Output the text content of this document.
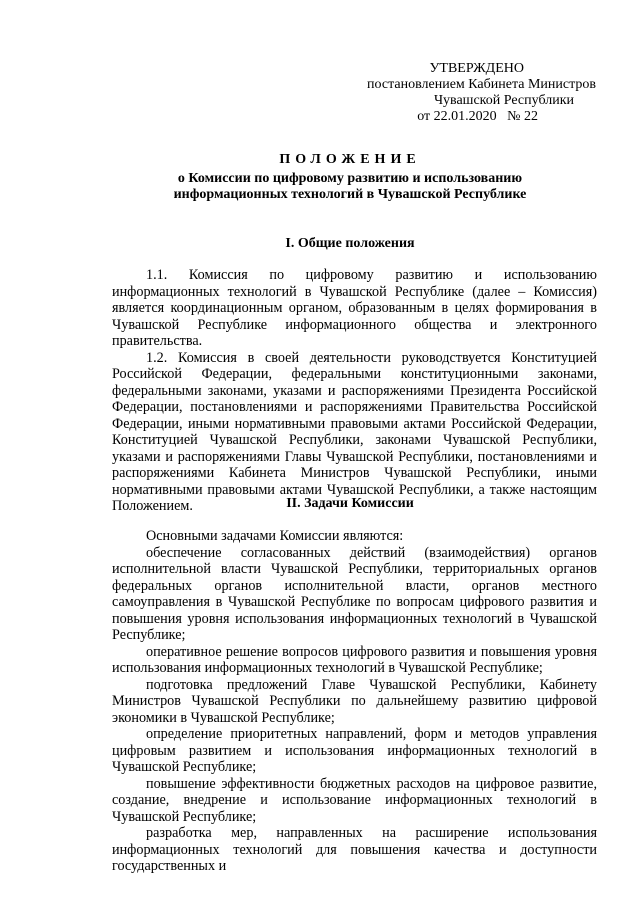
УТВЕРЖДЕНО
постановлением Кабинета Министров
Чувашской Республики
от 22.01.2020   № 22
ПОЛОЖЕНИЕ
о Комиссии по цифровому развитию и использованию
информационных технологий в Чувашской Республике
I. Общие положения

1.1. Комиссия по цифровому развитию и использованию информационных технологий в Чувашской Республике (далее – Комиссия) является координационным органом, образованным в целях формирования в Чувашской Республике информационного общества и электронного правительства.

1.2. Комиссия в своей деятельности руководствуется Конституцией Российской Федерации, федеральными конституционными законами, федеральными законами, указами и распоряжениями Президента Российской Федерации, постановлениями и распоряжениями Правительства Российской Федерации, иными нормативными правовыми актами Российской Федерации, Конституцией Чувашской Республики, законами Чувашской Республики, указами и распоряжениями Главы Чувашской Республики, постановлениями и распоряжениями Кабинета Министров Чувашской Республики, иными нормативными правовыми актами Чувашской Республики, а также настоящим Положением.	II. Задачи Комиссии

Основными задачами Комиссии являются:

обеспечение согласованных действий (взаимодействия) органов исполнительной власти Чувашской Республики, территориальных органов федеральных органов исполнительной власти, органов местного самоуправления в Чувашской Республике по вопросам цифрового развития и повышения уровня использования информационных технологий в Чувашской Республике;

оперативное решение вопросов цифрового развития и повышения уровня использования информационных технологий в Чувашской Республике;

подготовка предложений Главе Чувашской Республики, Кабинету Министров Чувашской Республики по дальнейшему развитию цифровой экономики в Чувашской Республике;

определение приоритетных направлений, форм и методов управления цифровым развитием и использования информационных технологий в Чувашской Республике;

повышение эффективности бюджетных расходов на цифровое развитие, создание, внедрение и использование информационных технологий в Чувашской Республике;

разработка мер, направленных на расширение использования информационных технологий для повышения качества и доступности государственных и
